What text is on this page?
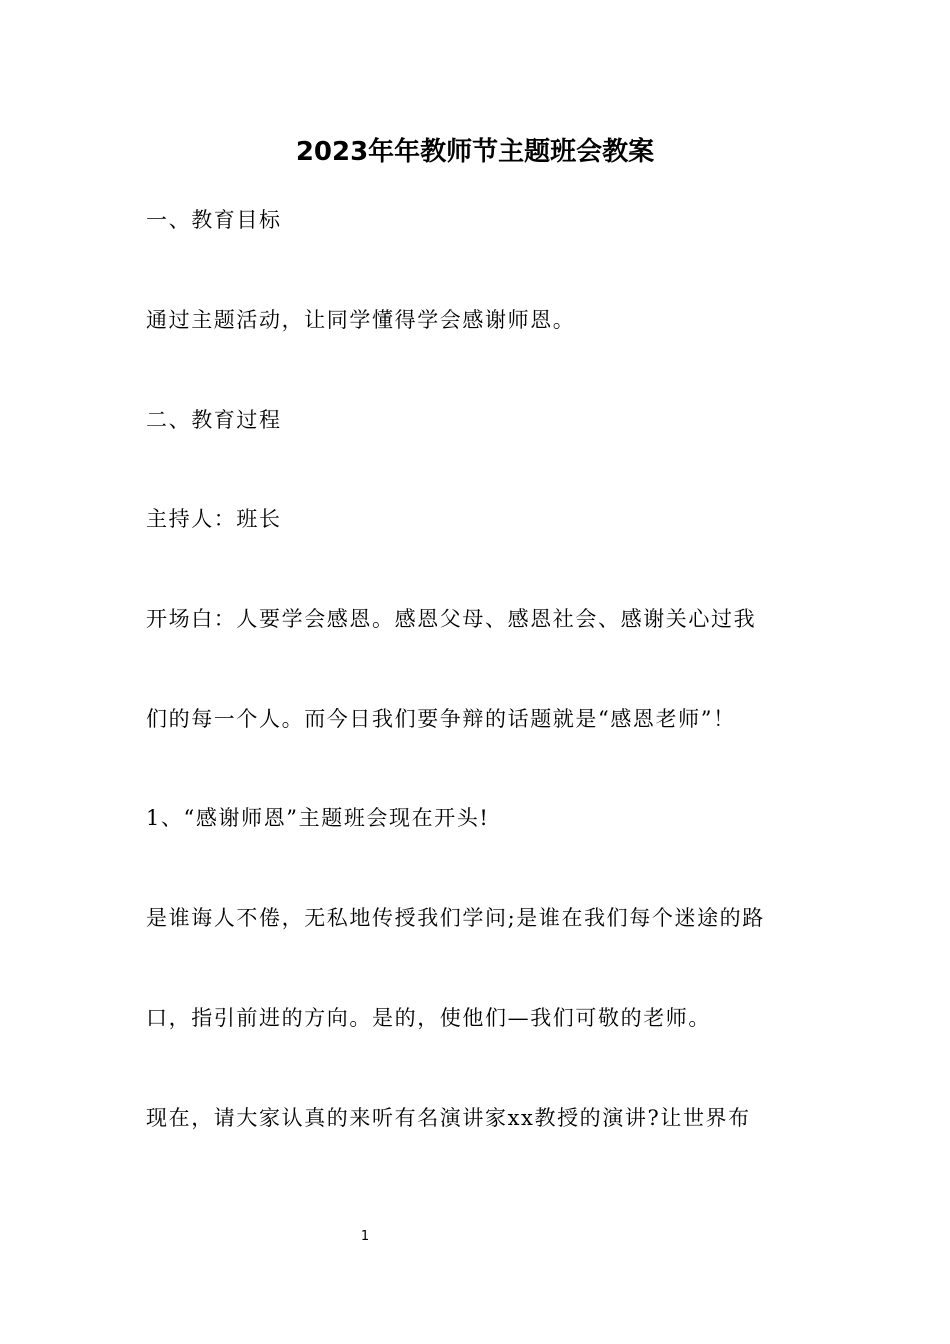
2023年年教师节主题班会教案
一、教育目标
通过主题活动，让同学懂得学会感谢师恩。
二、教育过程
主持人：班长
开场白：人要学会感恩。感恩父母、感恩社会、感谢关心过我
们的每一个人。而今日我们要争辩的话题就是“感恩老师”！
1、“感谢师恩”主题班会现在开头!
是谁诲人不倦，无私地传授我们学问;是谁在我们每个迷途的路
口，指引前进的方向。是的，使他们—我们可敬的老师。
现在，请大家认真的来听有名演讲家xx教授的演讲?让世界布
1
